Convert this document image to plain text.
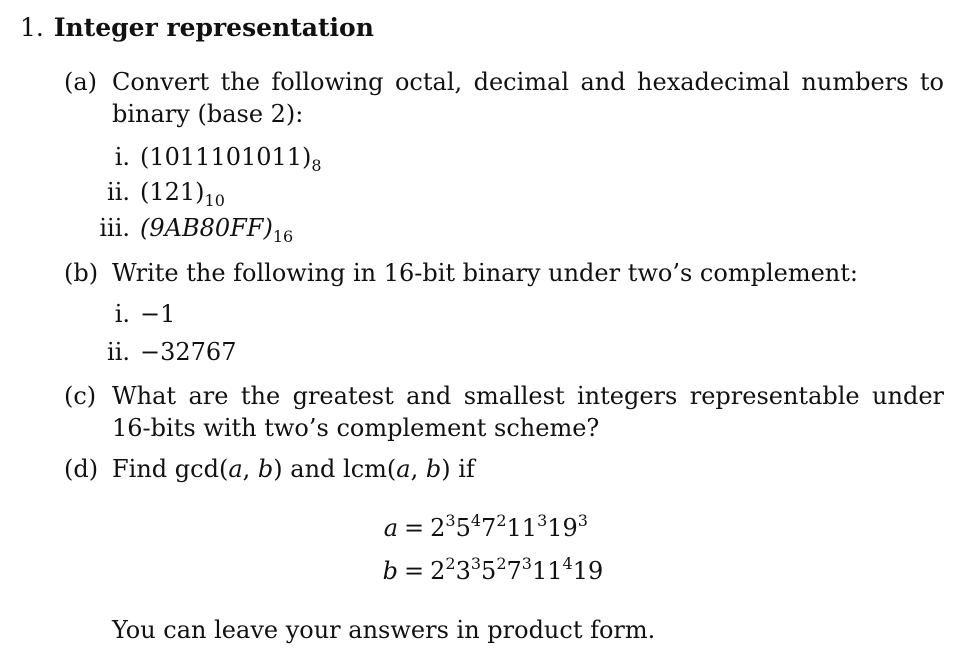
1. Integer representation
(a) Convert the following octal, decimal and hexadecimal numbers to binary (base 2):
i. $(1011101011)_8$
ii. $(121)_{10}$
iii. $(9AB80FF)_{16}$
(b) Write the following in 16-bit binary under two’s complement:
i. −1
ii. −32767
(c) What are the greatest and smallest integers representable under 16-bits with two’s complement scheme?
(d) Find gcd(a, b) and lcm(a, b) if
$a = 2^35^47^211^319^3$
$b = 2^23^35^27^311^419$
You can leave your answers in product form.
